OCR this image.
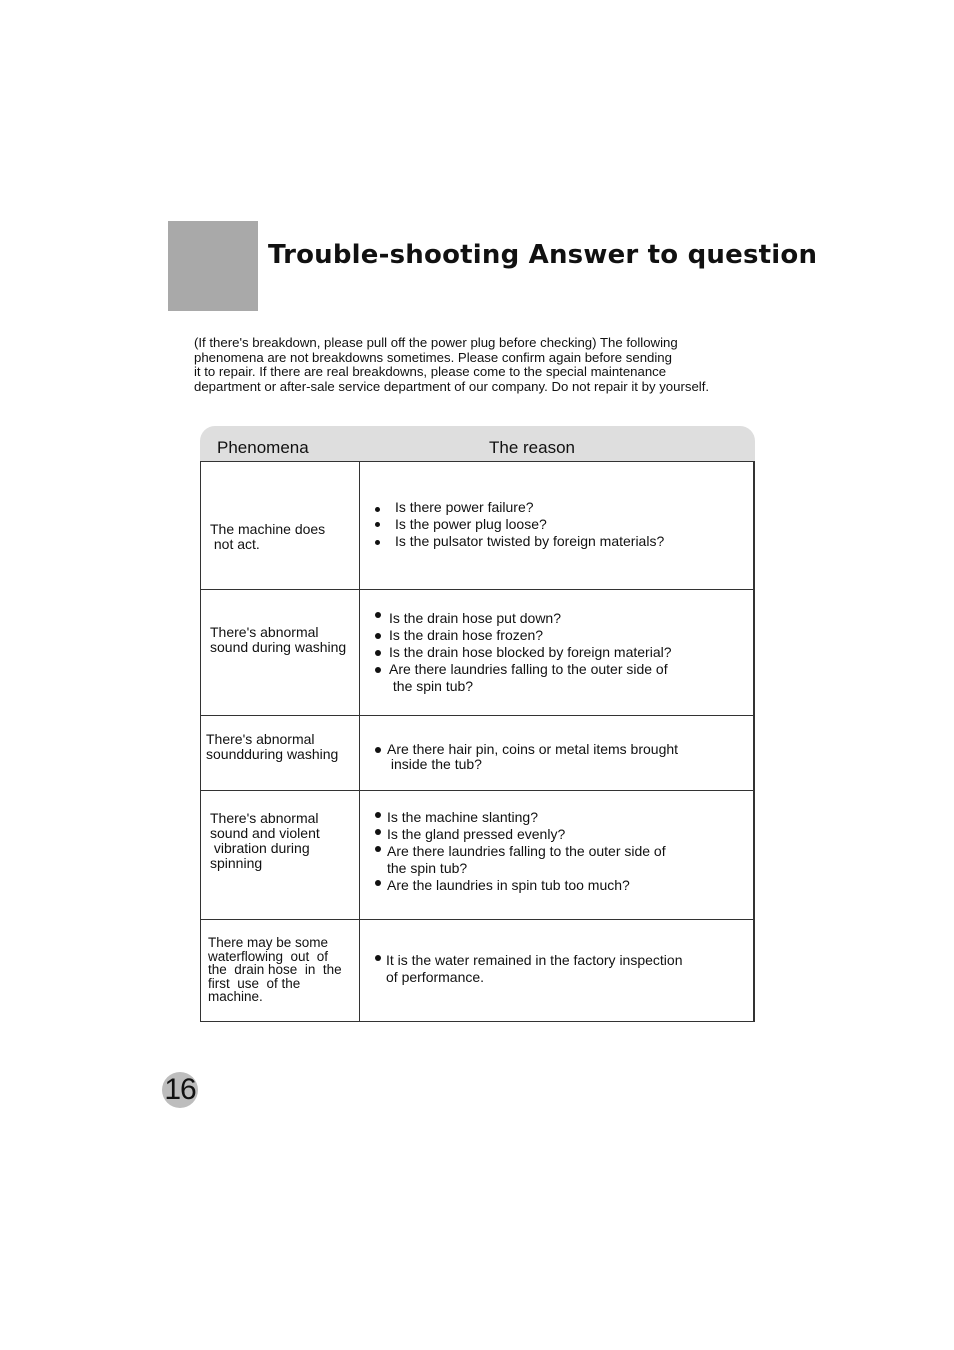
Trouble-shooting Answer to question

(If there's breakdown, please pull off the power plug before checking) The following

phenomena are not breakdowns sometimes. Please confirm again before sending

it to repair. If there are real breakdowns, please come to the special maintenance

department or after-sale service department of our company. Do not repair it by yourself.

Phenomena	The reason
The machine does
not act.
Is there power failure?
Is the power plug loose?
Is the pulsator twisted by foreign materials?
There's abnormal
sound during washing
Is the drain hose put down?
Is the drain hose frozen?
Is the drain hose blocked by foreign material?
Are there laundries falling to the outer side of
the spin tub?
There's abnormal
soundduring washing	Are there hair pin, coins or metal items brought
inside the tub?
There's abnormal
sound and violent
vibration during
spinning
Is the machine slanting?
Is the gland pressed evenly?
Are there laundries falling to the outer side of
the spin tub?
Are the laundries in spin tub too much?
There may be some
waterflowing  out  of
the  drain hose  in  the
first  use  of the
machine.
It is the water remained in the factory inspection
of performance.
16
